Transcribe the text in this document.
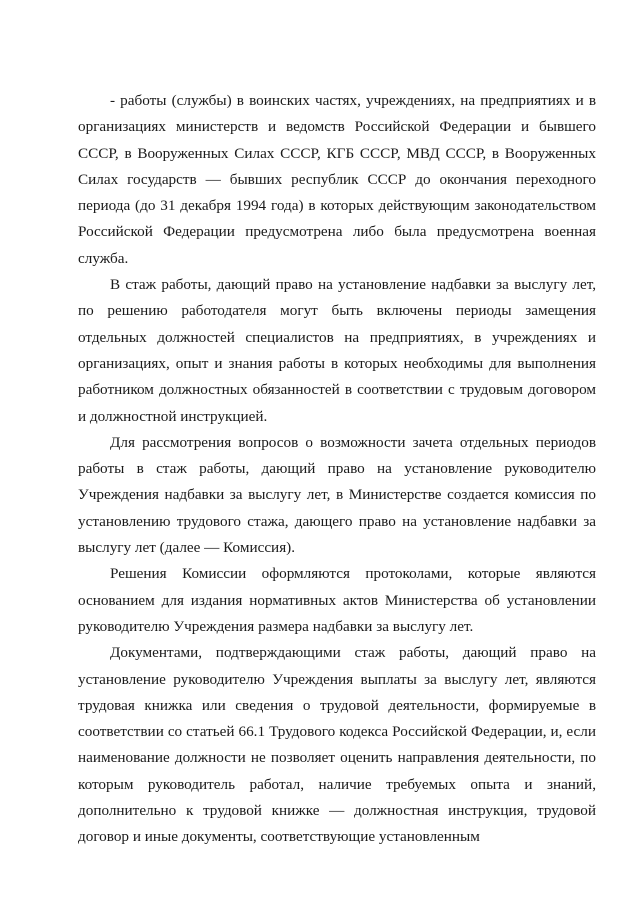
- работы (службы) в воинских частях, учреждениях, на предприятиях и в организациях министерств и ведомств Российской Федерации и бывшего СССР, в Вооруженных Силах СССР, КГБ СССР, МВД СССР, в Вооруженных Силах государств — бывших республик СССР до окончания переходного периода (до 31 декабря 1994 года) в которых действующим законодательством Российской Федерации предусмотрена либо была предусмотрена военная служба.

В стаж работы, дающий право на установление надбавки за выслугу лет, по решению работодателя могут быть включены периоды замещения отдельных должностей специалистов на предприятиях, в учреждениях и организациях, опыт и знания работы в которых необходимы для выполнения работником должностных обязанностей в соответствии с трудовым договором и должностной инструкцией.

Для рассмотрения вопросов о возможности зачета отдельных периодов работы в стаж работы, дающий право на установление руководителю Учреждения надбавки за выслугу лет, в Министерстве создается комиссия по установлению трудового стажа, дающего право на установление надбавки за выслугу лет (далее — Комиссия).

Решения Комиссии оформляются протоколами, которые являются основанием для издания нормативных актов Министерства об установлении руководителю Учреждения размера надбавки за выслугу лет.

Документами, подтверждающими стаж работы, дающий право на установление руководителю Учреждения выплаты за выслугу лет, являются трудовая книжка или сведения о трудовой деятельности, формируемые в соответствии со статьей 66.1 Трудового кодекса Российской Федерации, и, если наименование должности не позволяет оценить направления деятельности, по которым руководитель работал, наличие требуемых опыта и знаний, дополнительно к трудовой книжке — должностная инструкция, трудовой договор и иные документы, соответствующие установленным
